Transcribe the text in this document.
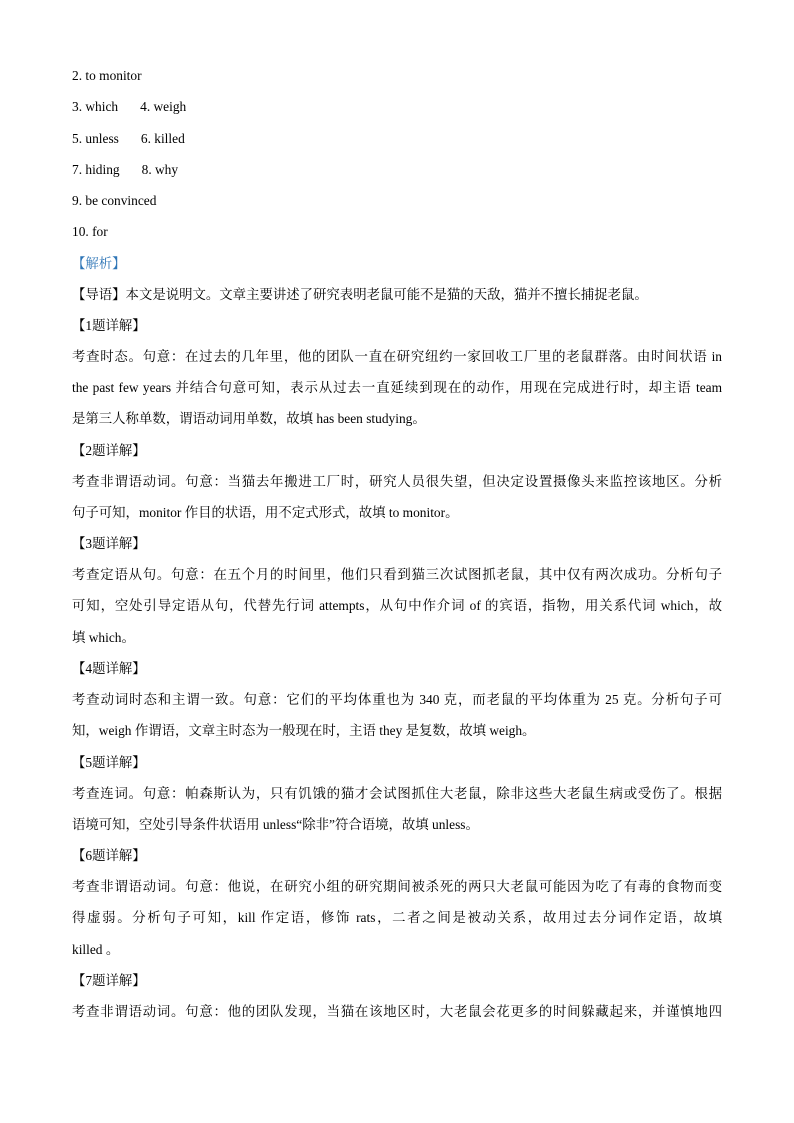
2. to monitor
3. which 4. weigh
5. unless 6. killed
7. hiding 8. why
9. be convinced
10. for
【解析】
【导语】本文是说明文。文章主要讲述了研究表明老鼠可能不是猫的天敌，猫并不擅长捕捉老鼠。
【1题详解】
考查时态。句意：在过去的几年里，他的团队一直在研究纽约一家回收工厂里的老鼠群落。由时间状语 in
the past few years 并结合句意可知，表示从过去一直延续到现在的动作，用现在完成进行时，却主语 team
是第三人称单数，谓语动词用单数，故填 has been studying。
【2题详解】
考查非谓语动词。句意：当猫去年搬进工厂时，研究人员很失望，但决定设置摄像头来监控该地区。分析
句子可知，monitor 作目的状语，用不定式形式，故填 to monitor。
【3题详解】
考查定语从句。句意：在五个月的时间里，他们只看到猫三次试图抓老鼠，其中仅有两次成功。分析句子
可知，空处引导定语从句，代替先行词 attempts，从句中作介词 of 的宾语，指物，用关系代词 which，故
填 which。
【4题详解】
考查动词时态和主谓一致。句意：它们的平均体重也为 340 克，而老鼠的平均体重为 25 克。分析句子可
知，weigh 作谓语，文章主时态为一般现在时，主语 they 是复数，故填 weigh。
【5题详解】
考查连词。句意：帕森斯认为，只有饥饿的猫才会试图抓住大老鼠，除非这些大老鼠生病或受伤了。根据
语境可知，空处引导条件状语用 unless“除非”符合语境，故填 unless。
【6题详解】
考查非谓语动词。句意：他说，在研究小组的研究期间被杀死的两只大老鼠可能因为吃了有毒的食物而变
得虚弱。分析句子可知，kill 作定语，修饰 rats，二者之间是被动关系，故用过去分词作定语，故填
killed 。
【7题详解】
考查非谓语动词。句意：他的团队发现，当猫在该地区时，大老鼠会花更多的时间躲藏起来，并谨慎地四
